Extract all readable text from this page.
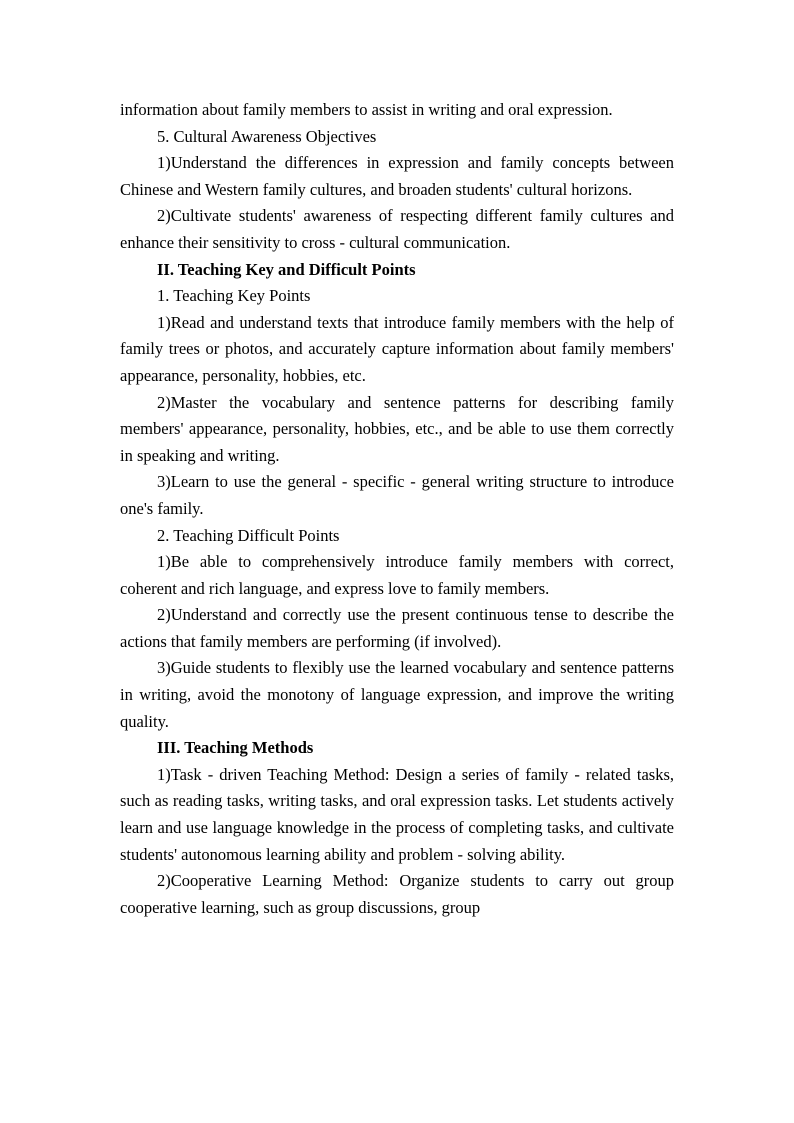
information about family members to assist in writing and oral expression.

5. Cultural Awareness Objectives

1)Understand the differences in expression and family concepts between Chinese and Western family cultures, and broaden students' cultural horizons.

2)Cultivate students' awareness of respecting different family cultures and enhance their sensitivity to cross - cultural communication.

II. Teaching Key and Difficult Points

1. Teaching Key Points

1)Read and understand texts that introduce family members with the help of family trees or photos, and accurately capture information about family members' appearance, personality, hobbies, etc.

2)Master the vocabulary and sentence patterns for describing family members' appearance, personality, hobbies, etc., and be able to use them correctly in speaking and writing.

3)Learn to use the general - specific - general writing structure to introduce one's family.

2. Teaching Difficult Points

1)Be able to comprehensively introduce family members with correct, coherent and rich language, and express love to family members.

2)Understand and correctly use the present continuous tense to describe the actions that family members are performing (if involved).

3)Guide students to flexibly use the learned vocabulary and sentence patterns in writing, avoid the monotony of language expression, and improve the writing quality.

III. Teaching Methods

1)Task - driven Teaching Method: Design a series of family - related tasks, such as reading tasks, writing tasks, and oral expression tasks. Let students actively learn and use language knowledge in the process of completing tasks, and cultivate students' autonomous learning ability and problem - solving ability.

2)Cooperative Learning Method: Organize students to carry out group cooperative learning, such as group discussions, group
